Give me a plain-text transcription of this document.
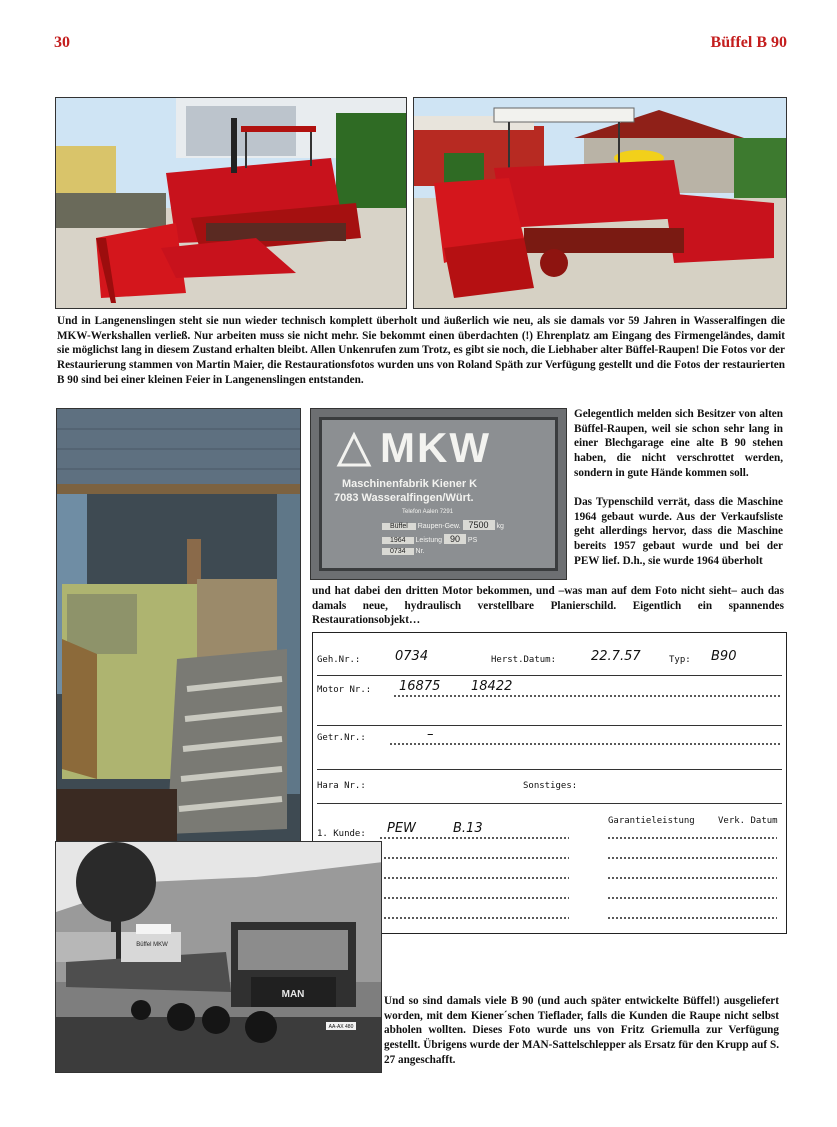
30	Büffel B 90

Und in Langenenslingen steht sie nun wieder technisch komplett überholt und äußerlich wie neu, als sie damals vor 59 Jahren in Wasseralfingen die MKW-Werkshallen verließ. Nur arbeiten muss sie nicht mehr. Sie bekommt einen überdachten (!) Ehrenplatz am Eingang des Firmengeländes, damit sie möglichst lang in diesem Zustand erhalten bleibt. Allen Unkenrufen zum Trotz, es gibt sie noch, die Liebhaber alter Büffel-Raupen! Die Fotos vor der Restaurierung stammen von Martin Maier, die Restaurationsfotos wurden uns von Roland Späth zur Verfügung gestellt und die Fotos der restaurierten B 90 sind bei einer kleinen Feier in Langenenslingen entstanden.

MKW
Maschinenfabrik Kiener K
7083 Wasseralfingen/Würt.
Telefon Aalen 7291
Büffel Raupen-Gew. 7500 kg
1964 Leistung 90 PS
0734 Nr.

Gelegentlich melden sich Besitzer von alten Büffel-Raupen, weil sie schon sehr lang in einer Blechgarage eine alte B 90 stehen haben, die nicht verschrottet werden, sondern in gute Hände kommen soll.

Das Typenschild verrät, dass die Maschine 1964 gebaut wurde. Aus der Verkaufsliste geht allerdings hervor, dass die Maschine bereits 1957 gebaut wurde und bei der PEW lief. D.h., sie wurde 1964 überholt

und hat dabei den dritten Motor bekommen, und –was man auf dem Foto nicht sieht– auch das damals neue, hydraulisch verstellbare Planierschild. Eigentlich ein spannendes Restaurationsobjekt…

Geh.Nr.:	0734	Herst.Datum:	22.7.57	Typ: B90
Motor Nr.: 16875 18422
Getr.Nr.:	–
Hara Nr.:	Sonstiges:
Garantieleistung	Verk. Datum
1. Kunde: PEW	B.13
Büffel MKW
MAN
AA-AX 480

Und so sind damals viele B 90 (und auch später entwickelte Büffel!) ausgeliefert worden, mit dem Kiener´schen Tieflader, falls die Kunden die Raupe nicht selbst abholen wollten. Dieses Foto wurde uns von Fritz Griemulla zur Verfügung gestellt. Übrigens wurde der MAN-Sattelschlepper als Ersatz für den Krupp auf S. 27 angeschafft.
